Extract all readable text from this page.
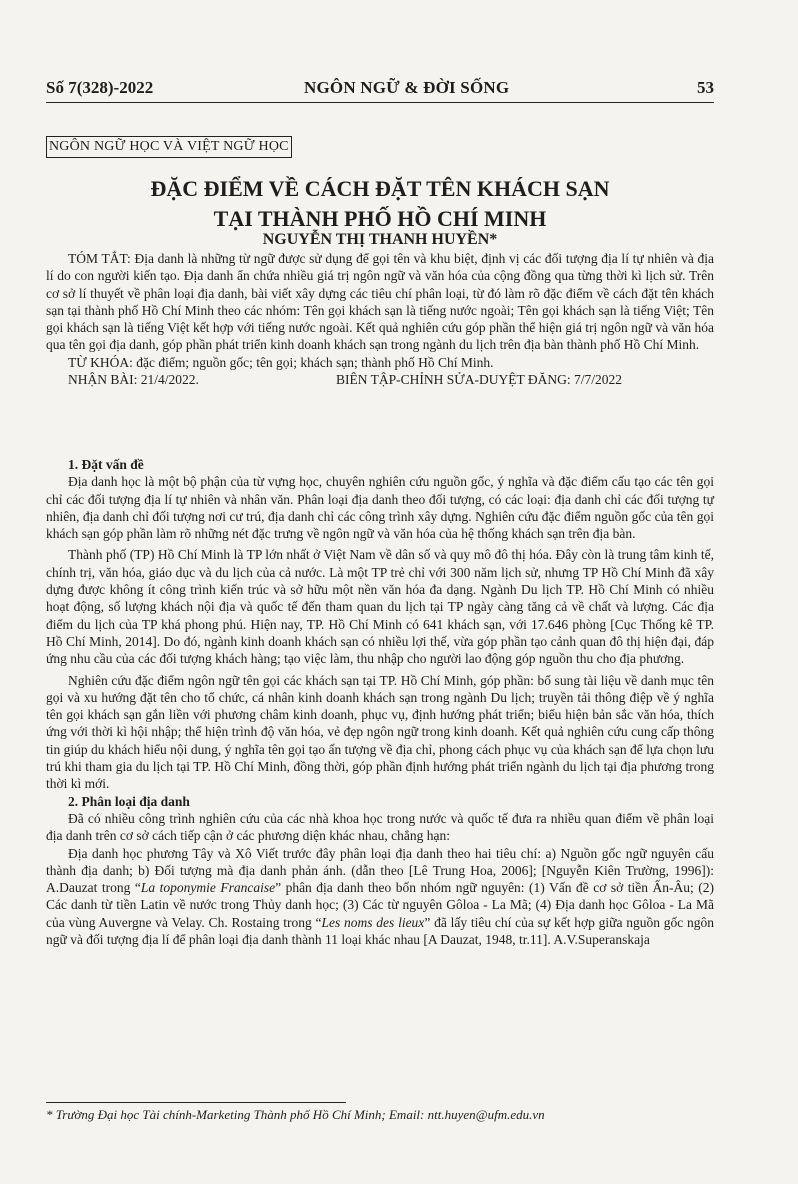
Số 7(328)-2022	NGÔN NGỮ & ĐỜI SỐNG	53
NGÔN NGỮ HỌC VÀ VIỆT NGỮ HỌC
ĐẶC ĐIỂM VỀ CÁCH ĐẶT TÊN KHÁCH SẠN
TẠI THÀNH PHỐ HỒ CHÍ MINH
NGUYỄN THỊ THANH HUYỀN*

TÓM TẮT: Địa danh là những từ ngữ được sử dụng để gọi tên và khu biệt, định vị các đối tượng địa lí tự nhiên và địa lí do con người kiến tạo. Địa danh ẩn chứa nhiều giá trị ngôn ngữ và văn hóa của cộng đồng qua từng thời kì lịch sử. Trên cơ sở lí thuyết về phân loại địa danh, bài viết xây dựng các tiêu chí phân loại, từ đó làm rõ đặc điểm về cách đặt tên khách sạn tại thành phố Hồ Chí Minh theo các nhóm: Tên gọi khách sạn là tiếng nước ngoài; Tên gọi khách sạn là tiếng Việt; Tên gọi khách sạn là tiếng Việt kết hợp với tiếng nước ngoài. Kết quả nghiên cứu góp phần thể hiện giá trị ngôn ngữ và văn hóa qua tên gọi địa danh, góp phần phát triển kinh doanh khách sạn trong ngành du lịch trên địa bàn thành phố Hồ Chí Minh.

TỪ KHÓA: đặc điểm; nguồn gốc; tên gọi; khách sạn; thành phố Hồ Chí Minh.

NHẬN BÀI: 21/4/2022.	BIÊN TẬP-CHỈNH SỬA-DUYỆT ĐĂNG: 7/7/2022
1. Đặt vấn đề

Địa danh học là một bộ phận của từ vựng học, chuyên nghiên cứu nguồn gốc, ý nghĩa và đặc điểm cấu tạo các tên gọi chỉ các đối tượng địa lí tự nhiên và nhân văn. Phân loại địa danh theo đối tượng, có các loại: địa danh chỉ các đối tượng tự nhiên, địa danh chỉ đối tượng nơi cư trú, địa danh chỉ các công trình xây dựng. Nghiên cứu đặc điểm nguồn gốc của tên gọi khách sạn góp phần làm rõ những nét đặc trưng về ngôn ngữ và văn hóa của hệ thống khách sạn trên địa bàn.

Thành phố (TP) Hồ Chí Minh là TP lớn nhất ở Việt Nam về dân số và quy mô đô thị hóa. Đây còn là trung tâm kinh tế, chính trị, văn hóa, giáo dục và du lịch của cả nước. Là một TP trẻ chỉ với 300 năm lịch sử, nhưng TP Hồ Chí Minh đã xây dựng được không ít công trình kiến trúc và sở hữu một nền văn hóa đa dạng. Ngành Du lịch TP. Hồ Chí Minh có nhiều hoạt động, số lượng khách nội địa và quốc tế đến tham quan du lịch tại TP ngày càng tăng cả về chất và lượng. Các địa điểm du lịch của TP khá phong phú. Hiện nay, TP. Hồ Chí Minh có 641 khách sạn, với 17.646 phòng [Cục Thống kê TP. Hồ Chí Minh, 2014]. Do đó, ngành kinh doanh khách sạn có nhiều lợi thế, vừa góp phần tạo cảnh quan đô thị hiện đại, đáp ứng nhu cầu của các đối tượng khách hàng; tạo việc làm, thu nhập cho người lao động góp nguồn thu cho địa phương.

Nghiên cứu đặc điểm ngôn ngữ tên gọi các khách sạn tại TP. Hồ Chí Minh, góp phần: bổ sung tài liệu về danh mục tên gọi và xu hướng đặt tên cho tổ chức, cá nhân kinh doanh khách sạn trong ngành Du lịch; truyền tải thông điệp về ý nghĩa tên gọi khách sạn gắn liền với phương châm kinh doanh, phục vụ, định hướng phát triển; biểu hiện bản sắc văn hóa, thích ứng với thời kì hội nhập; thể hiện trình độ văn hóa, vẻ đẹp ngôn ngữ trong kinh doanh. Kết quả nghiên cứu cung cấp thông tin giúp du khách hiểu nội dung, ý nghĩa tên gọi tạo ấn tượng về địa chỉ, phong cách phục vụ của khách sạn để lựa chọn lưu trú khi tham gia du lịch tại TP. Hồ Chí Minh, đồng thời, góp phần định hướng phát triển ngành du lịch tại địa phương trong thời kì mới.

2. Phân loại địa danh

Đã có nhiều công trình nghiên cứu của các nhà khoa học trong nước và quốc tế đưa ra nhiều quan điểm về phân loại địa danh trên cơ sở cách tiếp cận ở các phương diện khác nhau, chẳng hạn:

Địa danh học phương Tây và Xô Viết trước đây phân loại địa danh theo hai tiêu chí: a) Nguồn gốc ngữ nguyên cấu thành địa danh; b) Đối tượng mà địa danh phản ánh. (dẫn theo [Lê Trung Hoa, 2006]; [Nguyễn Kiên Trường, 1996]): A.Dauzat trong “La toponymie Francaise” phân địa danh theo bốn nhóm ngữ nguyên: (1) Vấn đề cơ sở tiền Ấn-Âu; (2) Các danh từ tiền Latin về nước trong Thủy danh học; (3) Các từ nguyên Gôloa - La Mã; (4) Địa danh học Gôloa - La Mã của vùng Auvergne và Velay. Ch. Rostaing trong “Les noms des lieux” đã lấy tiêu chí của sự kết hợp giữa nguồn gốc ngôn ngữ và đối tượng địa lí để phân loại địa danh thành 11 loại khác nhau [A Dauzat, 1948, tr.11]. A.V.Superanskaja

* Trường Đại học Tài chính-Marketing Thành phố Hồ Chí Minh; Email: ntt.huyen@ufm.edu.vn
